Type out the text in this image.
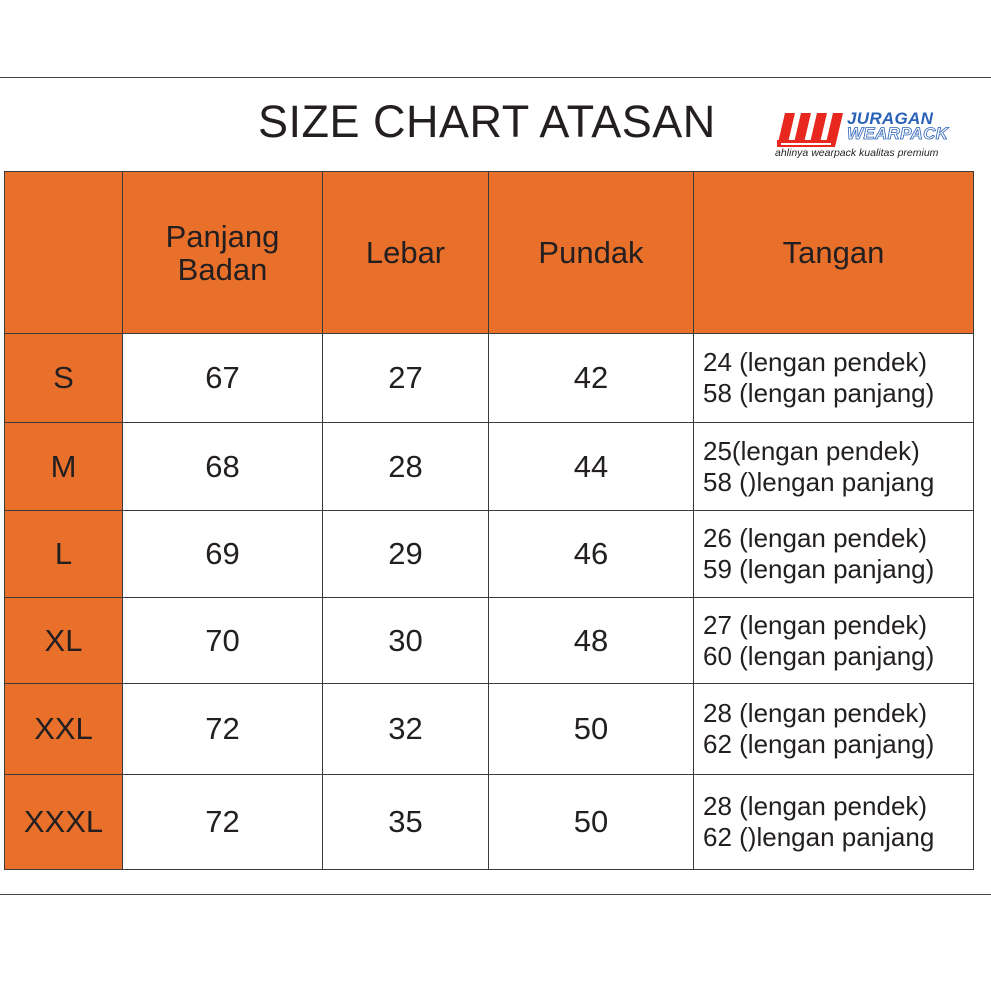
SIZE CHART ATASAN	JURAGAN
WEARPACK
ahlinya wearpack kualitas premium
	Panjang Badan	Lebar	Pundak	Tangan
S	67	27	42	24 (lengan pendek)
58 (lengan panjang)

M	68	28	44	25(lengan pendek)
58 ()lengan panjang

L	69	29	46	26 (lengan pendek)
59 (lengan panjang)

XL	70	30	48	27 (lengan pendek)
60 (lengan panjang)

XXL	72	32	50	28 (lengan pendek)
62 (lengan panjang)

XXXL	72	35	50	28 (lengan pendek)
62 ()lengan panjang
